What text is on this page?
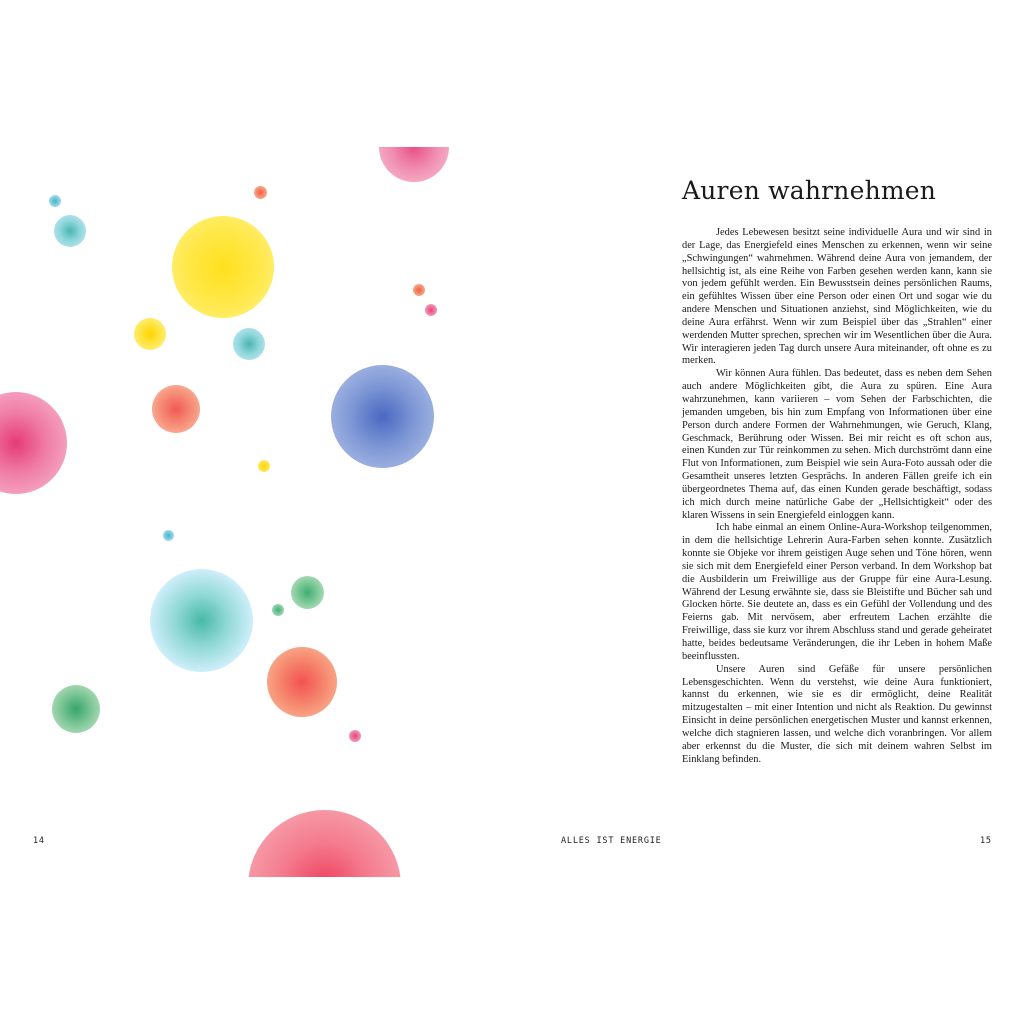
Auren wahrnehmen

Jedes Lebewesen besitzt seine individuelle Aura und wir sind in der Lage, das Energiefeld eines Menschen zu erkennen, wenn wir seine „Schwingungen“ wahrnehmen. Während deine Aura von jemandem, der hellsichtig ist, als eine Reihe von Farben gesehen werden kann, kann sie von jedem gefühlt werden. Ein Bewusstsein deines persönlichen Raums, ein gefühltes Wissen über eine Person oder einen Ort und sogar wie du andere Menschen und Situationen anziehst, sind Möglichkeiten, wie du deine Aura erfährst. Wenn wir zum Beispiel über das „Strahlen“ einer werdenden Mutter sprechen, sprechen wir im Wesentlichen über die Aura. Wir interagieren jeden Tag durch unsere Aura miteinander, oft ohne es zu merken.

Wir können Aura fühlen. Das bedeutet, dass es neben dem Sehen auch andere Möglichkeiten gibt, die Aura zu spüren. Eine Aura wahrzunehmen, kann variieren – vom Sehen der Farbschichten, die jemanden umgeben, bis hin zum Empfang von Informationen über eine Person durch andere Formen der Wahrnehmungen, wie Geruch, Klang, Geschmack, Berührung oder Wissen. Bei mir reicht es oft schon aus, einen Kunden zur Tür reinkommen zu sehen. Mich durchströmt dann eine Flut von Informationen, zum Beispiel wie sein Aura-Foto aussah oder die Gesamtheit unseres letzten Gesprächs. In anderen Fällen greife ich ein übergeordnetes Thema auf, das einen Kunden gerade beschäftigt, sodass ich mich durch meine natürliche Gabe der „Hellsichtigkeit“ oder des klaren Wissens in sein Energiefeld einloggen kann.

Ich habe einmal an einem Online-Aura-Workshop teilgenommen, in dem die hellsichtige Lehrerin Aura-Farben sehen konnte. Zusätzlich konnte sie Objeke vor ihrem geistigen Auge sehen und Töne hören, wenn sie sich mit dem Energiefeld einer Person verband. In dem Workshop bat die Ausbilderin um Freiwillige aus der Gruppe für eine Aura-Lesung. Während der Lesung erwähnte sie, dass sie Bleistifte und Bücher sah und Glocken hörte. Sie deutete an, dass es ein Gefühl der Vollendung und des Feierns gab. Mit nervösem, aber erfreutem Lachen erzählte die Freiwillige, dass sie kurz vor ihrem Abschluss stand und gerade geheiratet hatte, beides bedeutsame Veränderungen, die ihr Leben in hohem Maße beeinflussten.

Unsere Auren sind Gefäße für unsere persönlichen Lebensgeschichten. Wenn du verstehst, wie deine Aura funktioniert, kannst du erkennen, wie sie es dir ermöglicht, deine Realität mitzugestalten – mit einer Intention und nicht als Reaktion. Du gewinnst Einsicht in deine persönlichen energetischen Muster und kannst erkennen, welche dich stagnieren lassen, und welche dich voranbringen. Vor allem aber erkennst du die Muster, die sich mit deinem wahren Selbst im Einklang befinden.

14	ALLES IST ENERGIE	15
